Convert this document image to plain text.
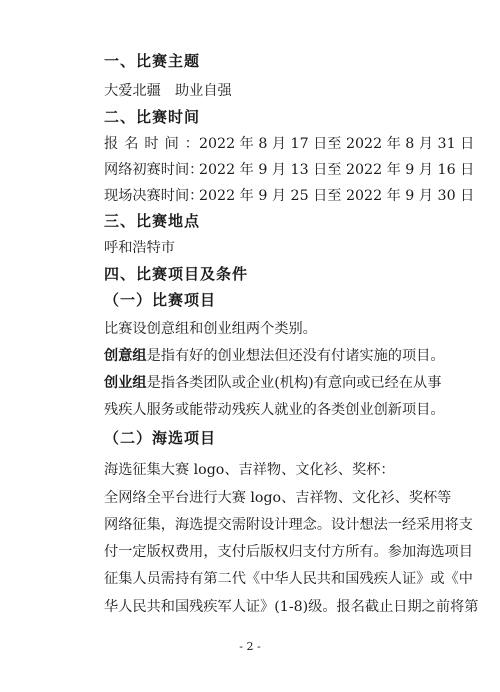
一、比赛主题
大爱北疆　助业自强
二、比赛时间
报名时间：2022 年 8 月 17 日至 2022 年 8 月 31 日
网络初赛时间：2022 年 9 月 13 日至 2022 年 9 月 16 日
现场决赛时间：2022 年 9 月 25 日至 2022 年 9 月 30 日
三、比赛地点
呼和浩特市
四、比赛项目及条件
（一）比赛项目
比赛设创意组和创业组两个类别。
创意组是指有好的创业想法但还没有付诸实施的项目。
创业组是指各类团队或企业(机构)有意向或已经在从事
残疾人服务或能带动残疾人就业的各类创业创新项目。
（二）海选项目
海选征集大赛 logo、吉祥物、文化衫、奖杯：
全网络全平台进行大赛 logo、吉祥物、文化衫、奖杯等
网络征集，海选提交需附设计理念。设计想法一经采用将支
付一定版权费用，支付后版权归支付方所有。参加海选项目
征集人员需持有第二代《中华人民共和国残疾人证》或《中
华人民共和国残疾军人证》(1-8)级。报名截止日期之前将第
- 2 -
